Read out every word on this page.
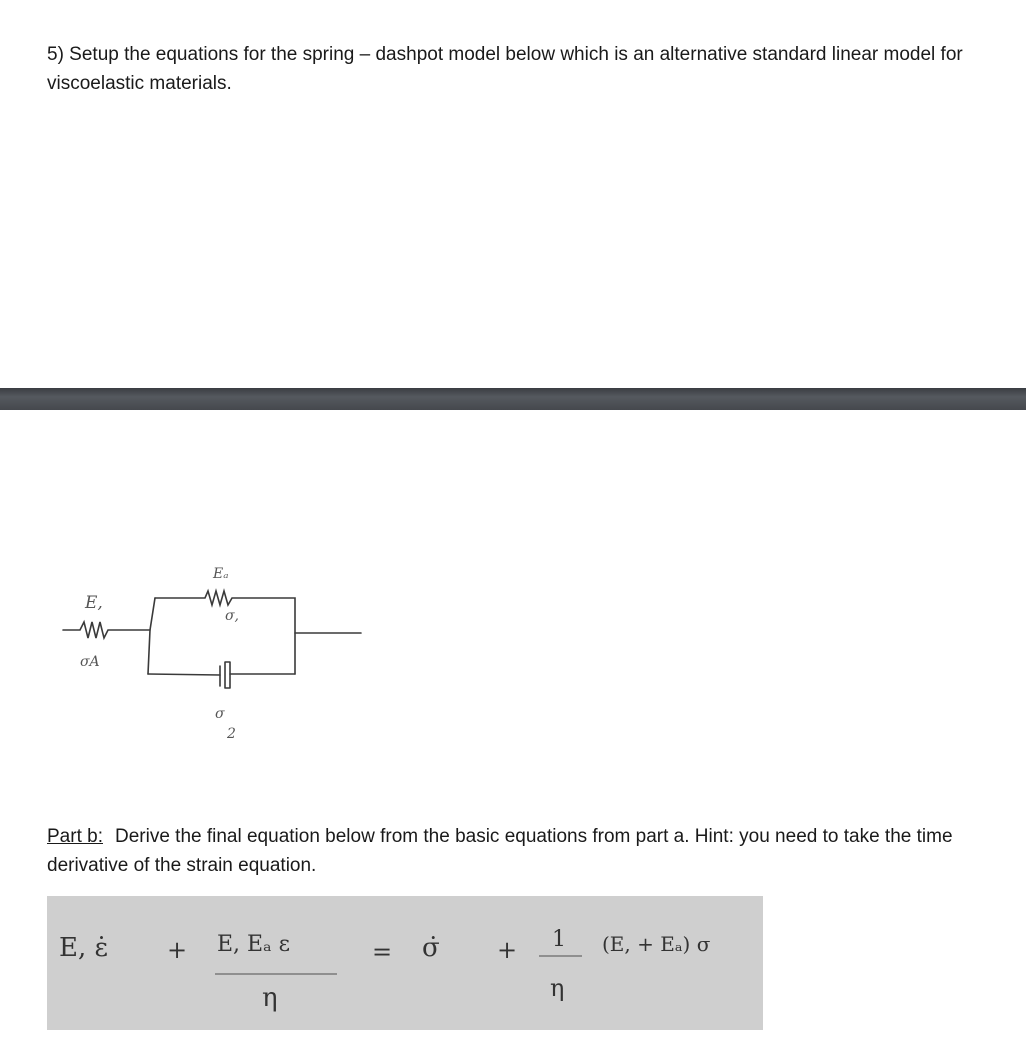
5) Setup the equations for the spring – dashpot model below which is an alternative standard linear model for viscoelastic materials.

E,
σA
Eₐ
σ,
σ
2

Part b: Derive the final equation below from the basic equations from part a. Hint: you need to take the time derivative of the strain equation.

E, ε̇ + E, Eₐ ε
η
= σ̇ + 1
η
(E, + Eₐ) σ
